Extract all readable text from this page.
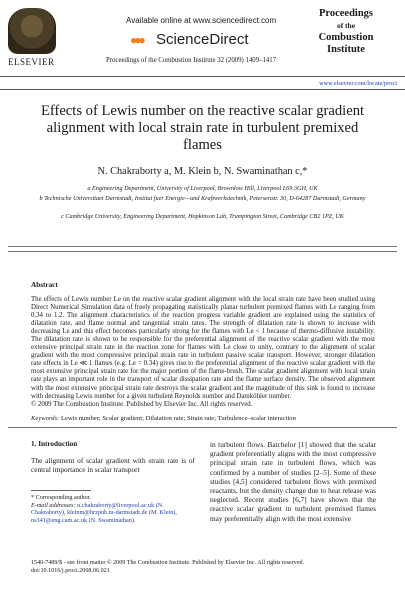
ELSEVIER
Available online at www.sciencedirect.com
●●● ScienceDirect
Proceedings of the Combustion Institute 32 (2009) 1409–1417
Proceedings
of the
Combustion
Institute
www.elsevier.com/locate/proci
Effects of Lewis number on the reactive scalar gradient alignment with local strain rate in turbulent premixed flames
N. Chakraborty a, M. Klein b, N. Swaminathan c,*
a Engineering Department, University of Liverpool, Brownlow Hill, Liverpool L69 3GH, UK
b Technische Universitaet Darmstadt, Institut fuer Energie—und Kraftwerkstechnik, Petersenstr. 30, D-64287 Darmstadt, Germany
c Cambridge University, Engineering Department, Hopkinson Lab, Trumpington Street, Cambridge CB2 1PZ, UK
Abstract
The effects of Lewis number Le on the reactive scalar gradient alignment with the local strain rate have been studied using Direct Numerical Simulation data of freely propagating statistically planar turbulent premixed flames with Le ranging from 0.34 to 1.2. The alignment characteristics of the reaction progress variable gradient are explained using the statistics of dilatation rate, and flame normal and tangential strain rates. The strength of dilatation rate is shown to increase with decreasing Le and this effect becomes particularly strong for the flames with Le < 1 because of thermo-diffusive instability. The dilatation rate is shown to be responsible for the preferential alignment of the reactive scalar gradient with the most extensive principal strain rate in the reaction zone for flames with Le close to unity, contrary to the alignment of scalar gradient with the most compressive principal strain rate in turbulent passive scalar transport. However, stronger dilatation rate effects in Le ≪ 1 flames (e.g. Le = 0.34) gives rise to the preferential alignment of the reactive scalar gradient with the most extensive principal strain rate for the major portion of the flame-brush. The scalar gradient alignment with local strain rate plays an important role in the transport of scalar dissipation rate and the flame surface density. The observed alignment with the most extensive principal strain rate destroys the scalar gradient and the magnitude of this sink is found to increase with decreasing Lewis number for a given turbulent Reynolds number and Damköhler number.
© 2009 The Combustion Institute. Published by Elsevier Inc. All rights reserved.
Keywords: Lewis number; Scalar gradient; Dilatation rate; Strain rate; Turbulence–scalar interaction
1. Introduction
The alignment of scalar gradient with strain rate is of central importance in scalar transport
in turbulent flows. Batchelor [1] showed that the scalar gradient preferentially aligns with the most compressive principal strain rate in turbulent flows, which was confirmed by a number of studies [2–5]. Some of these studies [4,5] considered turbulent flows with premixed reactants, but the density change due to heat release was neglected. Recent studies [6,7] have shown that the reactive scalar gradient in turbulent premixed flames may preferentially align with the most extensive
* Corresponding author.
E-mail addresses: n.chakraborty@liverpool.ac.uk (N. Chakraborty), kleinm@hrzpub.tu-darmstadt.de (M. Klein), ns341@eng.cam.ac.uk (N. Swaminathan).
1540-7489/$ - see front matter © 2009 The Combustion Institute. Published by Elsevier Inc. All rights reserved.
doi:10.1016/j.proci.2008.06.021
